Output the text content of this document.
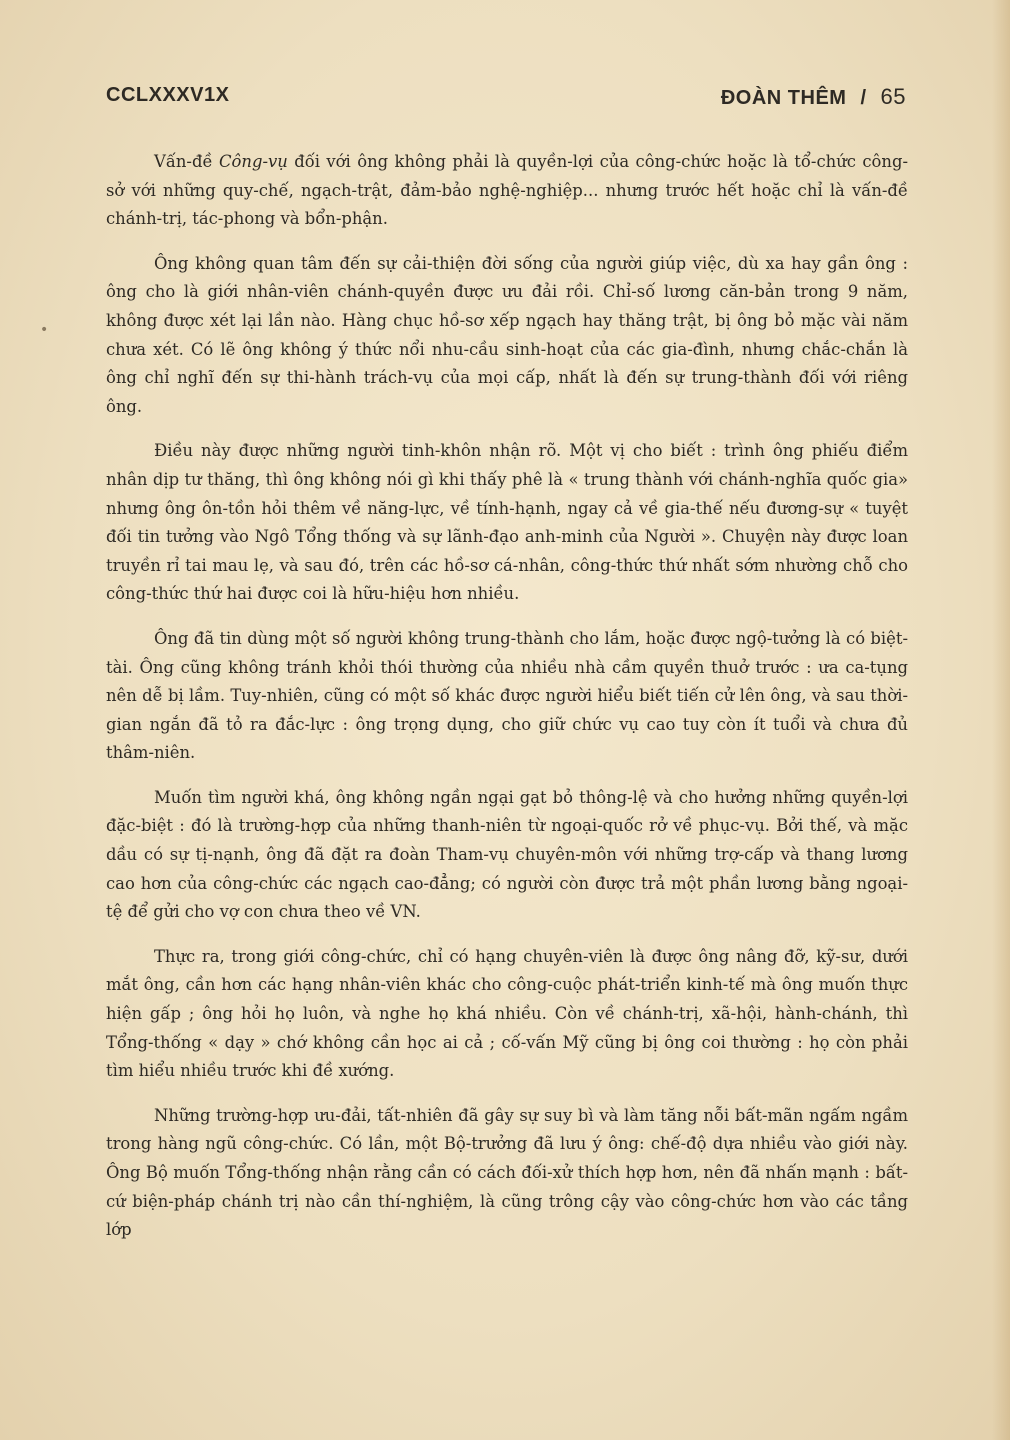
CCLXXXV1X	ĐOÀN THÊM / 65
•

Vấn-đề Công-vụ đối với ông không phải là quyền-lợi của công-chức hoặc là tổ-chức công-sở với những quy-chế, ngạch-trật, đảm-bảo nghệ-nghiệp... nhưng trước hết hoặc chỉ là vấn-đề chánh-trị, tác-phong và bổn-phận.

Ông không quan tâm đến sự cải-thiện đời sống của người giúp việc, dù xa hay gần ông : ông cho là giới nhân-viên chánh-quyền được ưu đải rồi. Chỉ-số lương căn-bản trong 9 năm, không được xét lại lần nào. Hàng chục hồ-sơ xếp ngạch hay thăng trật, bị ông bỏ mặc vài năm chưa xét. Có lẽ ông không ý thức nổi nhu-cầu sinh-hoạt của các gia-đình, nhưng chắc-chắn là ông chỉ nghĩ đến sự thi-hành trách-vụ của mọi cấp, nhất là đến sự trung-thành đối với riêng ông.

Điều này được những người tinh-khôn nhận rõ. Một vị cho biết : trình ông phiếu điểm nhân dịp tư thăng, thì ông không nói gì khi thấy phê là « trung thành với chánh-nghĩa quốc gia» nhưng ông ôn-tồn hỏi thêm về năng-lực, về tính-hạnh, ngay cả về gia-thế nếu đương-sự « tuyệt đối tin tưởng vào Ngô Tổng thống và sự lãnh-đạo anh-minh của Người ». Chuyện này được loan truyền rỉ tai mau lẹ, và sau đó, trên các hồ-sơ cá-nhân, công-thức thứ nhất sớm nhường chỗ cho công-thức thứ hai được coi là hữu-hiệu hơn nhiều.

Ông đã tin dùng một số người không trung-thành cho lắm, hoặc được ngộ-tưởng là có biệt-tài. Ông cũng không tránh khỏi thói thường của nhiều nhà cầm quyền thuở trước : ưa ca-tụng nên dễ bị lầm. Tuy-nhiên, cũng có một số khác được người hiểu biết tiến cử lên ông, và sau thời-gian ngắn đã tỏ ra đắc-lực : ông trọng dụng, cho giữ chức vụ cao tuy còn ít tuổi và chưa đủ thâm-niên.

Muốn tìm người khá, ông không ngần ngại gạt bỏ thông-lệ và cho hưởng những quyền-lợi đặc-biệt : đó là trường-hợp của những thanh-niên từ ngoại-quốc rở về phục-vụ. Bởi thế, và mặc dầu có sự tị-nạnh, ông đã đặt ra đoàn Tham-vụ chuyên-môn với những trợ-cấp và thang lương cao hơn của công-chức các ngạch cao-đẳng; có người còn được trả một phần lương bằng ngoại-tệ để gửi cho vợ con chưa theo về VN.

Thực ra, trong giới công-chức, chỉ có hạng chuyên-viên là được ông nâng đỡ, kỹ-sư, dưới mắt ông, cần hơn các hạng nhân-viên khác cho công-cuộc phát-triển kinh-tế mà ông muốn thực hiện gấp ; ông hỏi họ luôn, và nghe họ khá nhiều. Còn về chánh-trị, xã-hội, hành-chánh, thì Tổng-thống « dạy » chớ không cần học ai cả ; cố-vấn Mỹ cũng bị ông coi thường : họ còn phải tìm hiểu nhiều trước khi đề xướng.

Những trường-hợp ưu-đải, tất-nhiên đã gây sự suy bì và làm tăng nỗi bất-mãn ngấm ngầm trong hàng ngũ công-chức. Có lần, một Bộ-trưởng đã lưu ý ông: chế-độ dựa nhiều vào giới này. Ông Bộ muốn Tổng-thống nhận rằng cần có cách đối-xử thích hợp hơn, nên đã nhấn mạnh : bất-cứ biện-pháp chánh trị nào cần thí-nghiệm, là cũng trông cậy vào công-chức hơn vào các tầng lớp
